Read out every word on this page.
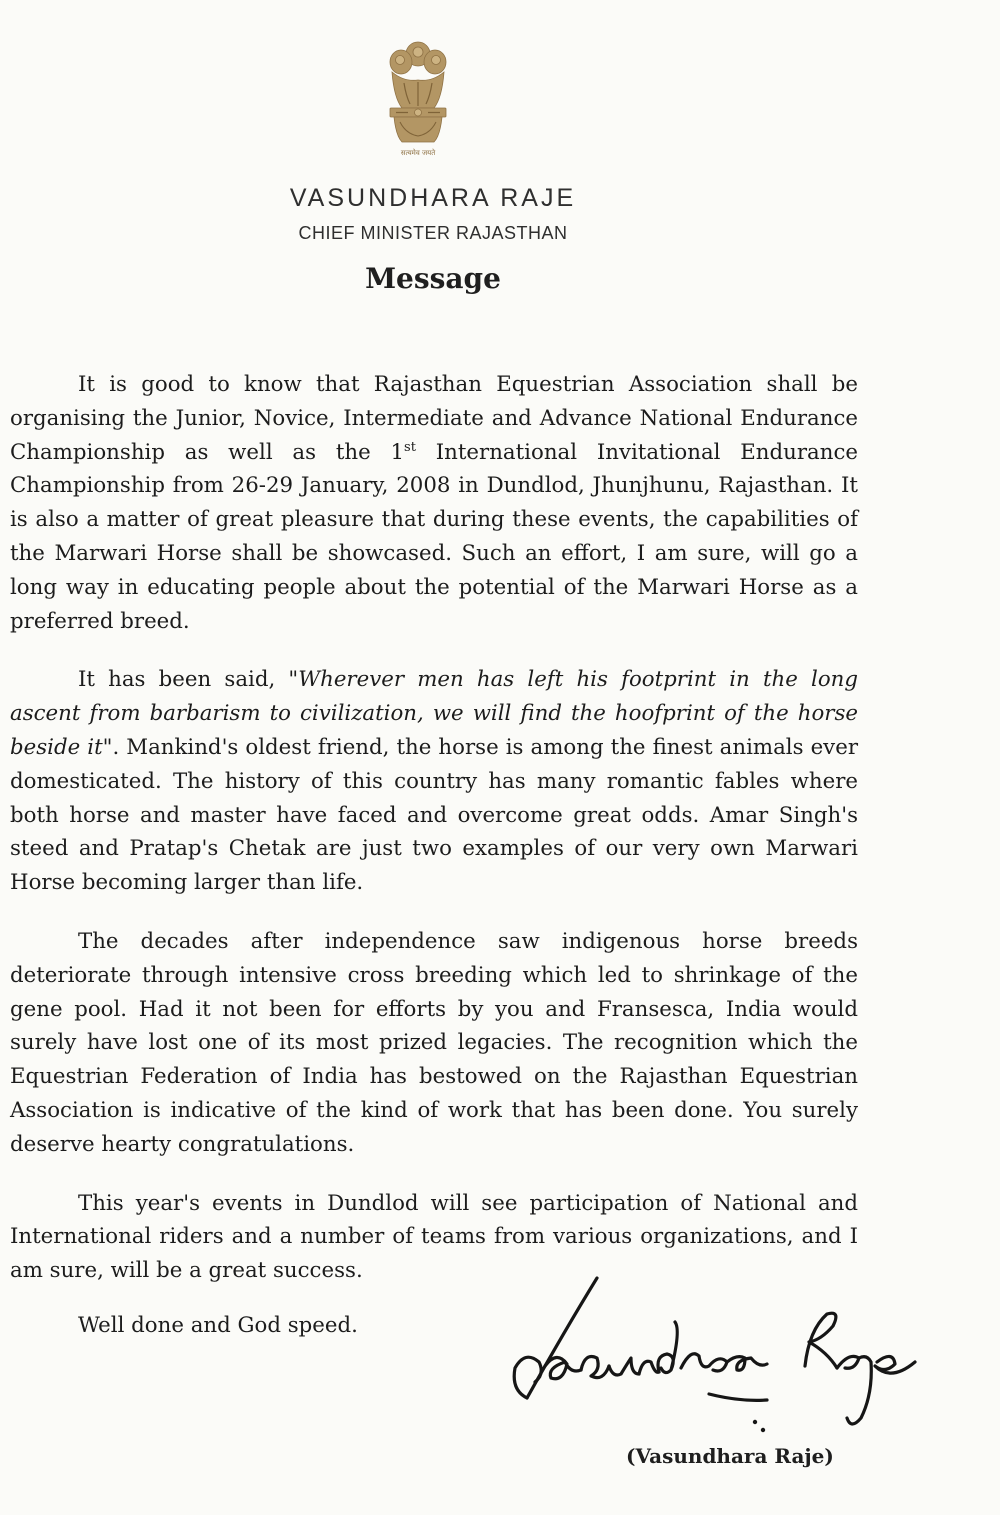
सत्यमेव जयते
VASUNDHARA RAJE
CHIEF MINISTER RAJASTHAN
Message

It is good to know that Rajasthan Equestrian Association shall be organising the Junior, Novice, Intermediate and Advance National Endurance Championship as well as the 1st International Invitational Endurance Championship from 26-29 January, 2008 in Dundlod, Jhunjhunu, Rajasthan. It is also a matter of great pleasure that during these events, the capabilities of the Marwari Horse shall be showcased. Such an effort, I am sure, will go a long way in educating people about the potential of the Marwari Horse as a preferred breed.

It has been said, "Wherever men has left his footprint in the long ascent from barbarism to civilization, we will find the hoofprint of the horse beside it". Mankind's oldest friend, the horse is among the finest animals ever domesticated. The history of this country has many romantic fables where both horse and master have faced and overcome great odds. Amar Singh's steed and Pratap's Chetak are just two examples of our very own Marwari Horse becoming larger than life.

The decades after independence saw indigenous horse breeds deteriorate through intensive cross breeding which led to shrinkage of the gene pool. Had it not been for efforts by you and Fransesca, India would surely have lost one of its most prized legacies. The recognition which the Equestrian Federation of India has bestowed on the Rajasthan Equestrian Association is indicative of the kind of work that has been done. You surely deserve hearty congratulations.

This year's events in Dundlod will see participation of National and International riders and a number of teams from various organizations, and I am sure, will be a great success.

Well done and God speed.
(Vasundhara Raje)
